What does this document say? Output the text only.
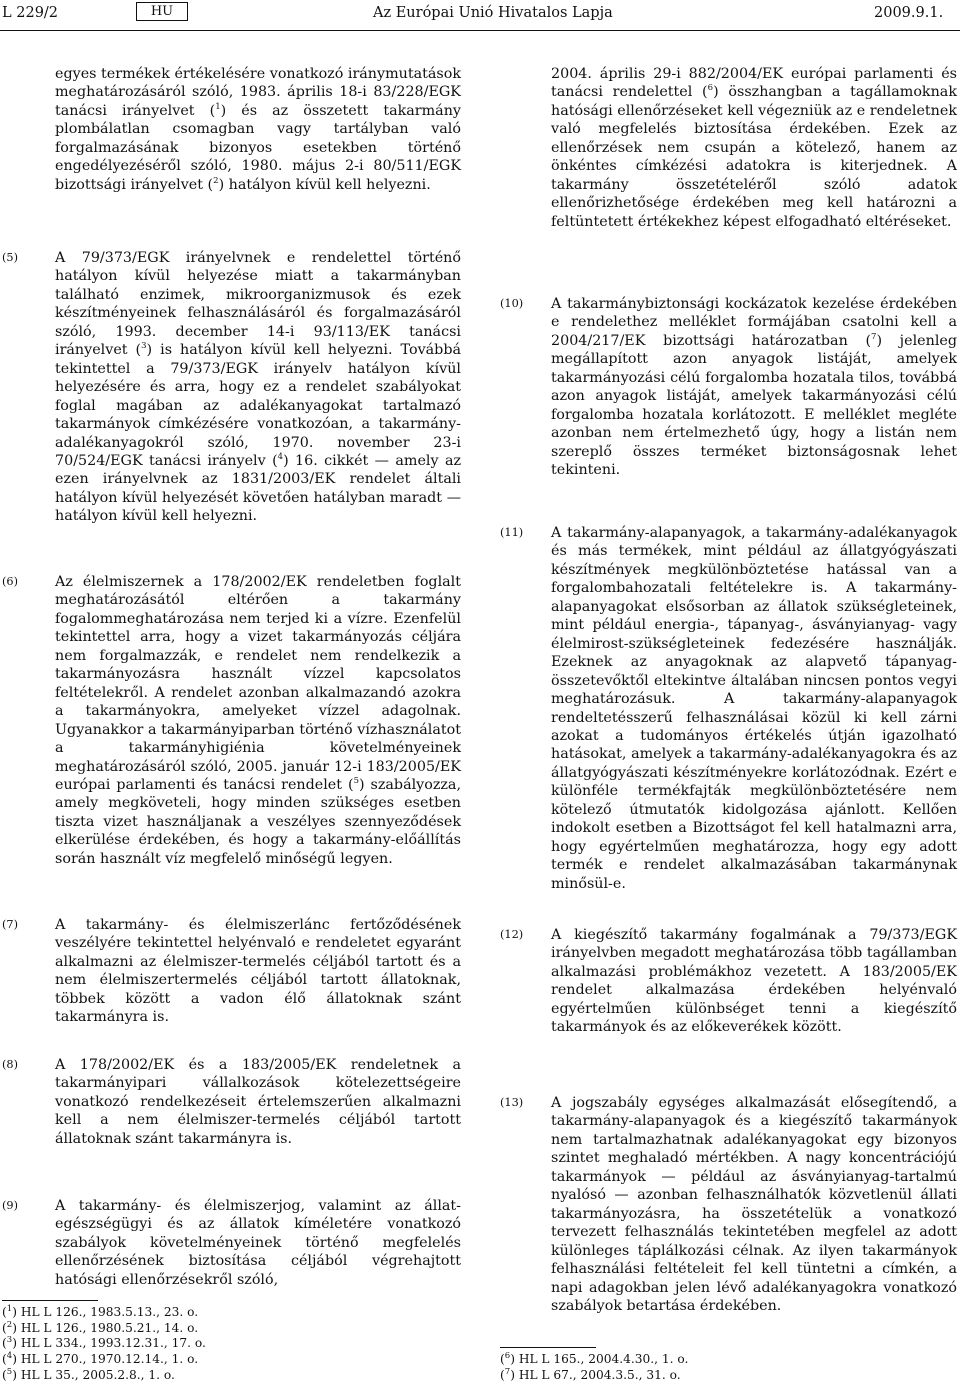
L 229/2	HU	Az Európai Unió Hivatalos Lapja	2009.9.1.

egyes termékek értékelésére vonatkozó iránymutatások meghatározásáról szóló, 1983. április 18-i 83/228/EGK tanácsi irányelvet ($^1$) és az összetett takarmány plombálatlan csomagban vagy tartályban való forgalmazásának bizonyos esetekben történő engedélyezéséről szóló, 1980. május 2-i 80/511/EGK bizottsági irányelvet ($^2$) hatályon kívül kell helyezni.

(5)	A 79/373/EGK irányelvnek e rendelettel történő hatályon kívül helyezése miatt a takarmányban található enzimek, mikroorganizmusok és ezek készítményeinek felhasználásáról és forgalmazásáról szóló, 1993. december 14-i 93/113/EK tanácsi irányelvet ($^3$) is hatályon kívül kell helyezni. Továbbá tekintettel a 79/373/EGK irányelv hatályon kívül helyezésére és arra, hogy ez a rendelet szabályokat foglal magában az adalékanyagokat tartalmazó takarmányok címkézésére vonatkozóan, a takarmány-adalékanyagokról szóló, 1970. november 23-i 70/524/EGK tanácsi irányelv ($^4$) 16. cikkét — amely az ezen irányelvnek az 1831/2003/EK rendelet általi hatályon kívül helyezését követően hatályban maradt — hatályon kívül kell helyezni.

(6)	Az élelmiszernek a 178/2002/EK rendeletben foglalt meghatározásától eltérően a takarmány fogalommeghatározása nem terjed ki a vízre. Ezenfelül tekintettel arra, hogy a vizet takarmányozás céljára nem forgalmazzák, e rendelet nem rendelkezik a takarmányozásra használt vízzel kapcsolatos feltételekről. A rendelet azonban alkalmazandó azokra a takarmányokra, amelyeket vízzel adagolnak. Ugyanakkor a takarmányiparban történő vízhasználatot a takarmányhigiénia követelményeinek meghatározásáról szóló, 2005. január 12-i 183/2005/EK európai parlamenti és tanácsi rendelet ($^5$) szabályozza, amely megköveteli, hogy minden szükséges esetben tiszta vizet használjanak a veszélyes szennyeződések elkerülése érdekében, és hogy a takarmány-előállítás során használt víz megfelelő minőségű legyen.

(7)	A takarmány- és élelmiszerlánc fertőződésének veszélyére tekintettel helyénvaló e rendeletet egyaránt alkalmazni az élelmiszer-termelés céljából tartott és a nem élelmiszertermelés céljából tartott állatoknak, többek között a vadon élő állatoknak szánt takarmányra is.

(8)	A 178/2002/EK és a 183/2005/EK rendeletnek a takarmányipari vállalkozások kötelezettségeire vonatkozó rendelkezéseit értelemszerűen alkalmazni kell a nem élelmiszer-termelés céljából tartott állatoknak szánt takarmányra is.

(9)	A takarmány- és élelmiszerjog, valamint az állat-egészségügyi és az állatok kíméletére vonatkozó szabályok követelményeinek történő megfelelés ellenőrzésének biztosítása céljából végrehajtott hatósági ellenőrzésekről szóló,

($^1$) HL L 126., 1983.5.13., 23. o.
($^2$) HL L 126., 1980.5.21., 14. o.
($^3$) HL L 334., 1993.12.31., 17. o.
($^4$) HL L 270., 1970.12.14., 1. o.
($^5$) HL L 35., 2005.2.8., 1. o.

2004. április 29-i 882/2004/EK európai parlamenti és tanácsi rendelettel ($^6$) összhangban a tagállamoknak hatósági ellenőrzéseket kell végezniük az e rendeletnek való megfelelés biztosítása érdekében. Ezek az ellenőrzések nem csupán a kötelező, hanem az önkéntes címkézési adatokra is kiterjednek. A takarmány összetételéről szóló adatok ellenőrizhetősége érdekében meg kell határozni a feltüntetett értékekhez képest elfogadható eltéréseket.

(10) A takarmánybiztonsági kockázatok kezelése érdekében e rendelethez melléklet formájában csatolni kell a 2004/217/EK bizottsági határozatban ($^7$) jelenleg megállapított azon anyagok listáját, amelyek takarmányozási célú forgalomba hozatala tilos, továbbá azon anyagok listáját, amelyek takarmányozási célú forgalomba hozatala korlátozott. E melléklet megléte azonban nem értelmezhető úgy, hogy a listán nem szereplő összes terméket biztonságosnak lehet tekinteni.

(11) A takarmány-alapanyagok, a takarmány-adalékanyagok és más termékek, mint például az állatgyógyászati készítmények megkülönböztetése hatással van a forgalombahozatali feltételekre is. A takarmány-alapanyagokat elsősorban az állatok szükségleteinek, mint például energia-, tápanyag-, ásványianyag- vagy élelmirost-szükségleteinek fedezésére használják. Ezeknek az anyagoknak az alapvető tápanyag-összetevőktől eltekintve általában nincsen pontos vegyi meghatározásuk. A takarmány-alapanyagok rendeltetésszerű felhasználásai közül ki kell zárni azokat a tudományos értékelés útján igazolható hatásokat, amelyek a takarmány-adalékanyagokra és az állatgyógyászati készítményekre korlátozódnak. Ezért e különféle termékfajták megkülönböztetésére nem kötelező útmutatók kidolgozása ajánlott. Kellően indokolt esetben a Bizottságot fel kell hatalmazni arra, hogy egyértelműen meghatározza, hogy egy adott termék e rendelet alkalmazásában takarmánynak minősül-e.

(12) A kiegészítő takarmány fogalmának a 79/373/EGK irányelvben megadott meghatározása több tagállamban alkalmazási problémákhoz vezetett. A 183/2005/EK rendelet alkalmazása érdekében helyénvaló egyértelműen különbséget tenni a kiegészítő takarmányok és az előkeverékek között.

(13) A jogszabály egységes alkalmazását elősegítendő, a takarmány-alapanyagok és a kiegészítő takarmányok nem tartalmazhatnak adalékanyagokat egy bizonyos szintet meghaladó mértékben. A nagy koncentrációjú takarmányok — például az ásványianyag-tartalmú nyalósó — azonban felhasználhatók közvetlenül állati takarmányozásra, ha összetételük a vonatkozó tervezett felhasználás tekintetében megfelel az adott különleges táplálkozási célnak. Az ilyen takarmányok felhasználási feltételeit fel kell tüntetni a címkén, a napi adagokban jelen lévő adalékanyagokra vonatkozó szabályok betartása érdekében.

($^6$) HL L 165., 2004.4.30., 1. o.
($^7$) HL L 67., 2004.3.5., 31. o.
